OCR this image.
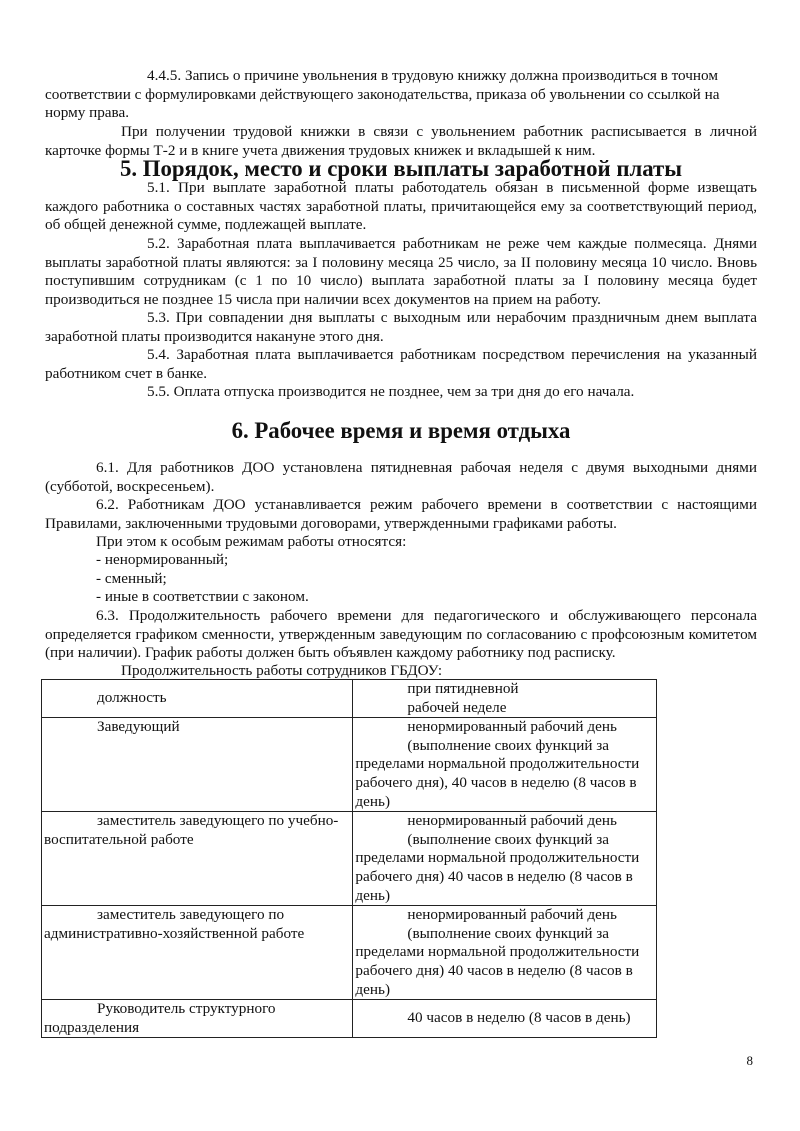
4.4.5. Запись о причине увольнения в трудовую книжку должна производиться в точном соответствии с формулировками действующего законодательства, приказа об увольнении со ссылкой на норму права.

При получении трудовой книжки в связи с увольнением работник расписывается в личной карточке формы Т-2 и в книге учета движения трудовых книжек и вкладышей к ним.

5. Порядок, место и сроки выплаты заработной платы

5.1. При выплате заработной платы работодатель обязан в письменной форме извещать каждого работника о составных частях заработной платы, причитающейся ему за соответствующий период, об общей денежной сумме, подлежащей выплате.

5.2. Заработная плата выплачивается работникам не реже чем каждые полмесяца. Днями выплаты заработной платы являются: за I половину месяца 25 число, за II половину месяца 10 число. Вновь поступившим сотрудникам (с 1 по 10 число) выплата заработной платы за I половину месяца будет производиться не позднее 15 числа при наличии всех документов на прием на работу.

5.3. При совпадении дня выплаты с выходным или нерабочим праздничным днем выплата заработной платы производится накануне этого дня.

5.4. Заработная плата выплачивается работникам посредством перечисления на указанный работником счет в банке.

5.5. Оплата отпуска производится не позднее, чем за три дня до его начала.

6. Рабочее время и время отдыха

6.1. Для работников ДОО установлена пятидневная рабочая неделя с двумя выходными днями (субботой, воскресеньем).

6.2. Работникам ДОО устанавливается режим рабочего времени в соответствии с настоящими Правилами, заключенными трудовыми договорами, утвержденными графиками работы.

При этом к особым режимам работы относятся:

- ненормированный;

- сменный;

- иные в соответствии с законом.

6.3. Продолжительность рабочего времени для педагогического и обслуживающего персонала определяется графиком сменности, утвержденным заведующим по согласованию с профсоюзным комитетом (при наличии). График работы должен быть объявлен каждому работнику под расписку.

Продолжительность работы сотрудников ГБДОУ:

должность	при пятидневной
рабочей неделе

Заведующий	ненормированный рабочий день
(выполнение своих функций за пределами нормальной продолжительности рабочего дня), 40 часов в неделю (8 часов в день)

заместитель заведующего по учебно-воспитательной работе	ненормированный рабочий день
(выполнение своих функций за пределами нормальной продолжительности рабочего дня) 40 часов в неделю (8 часов в день)

заместитель заведующего по административно-хозяйственной работе	ненормированный рабочий день
(выполнение своих функций за пределами нормальной продолжительности рабочего дня) 40 часов в неделю (8 часов в день)

Руководитель структурного подразделения	40 часов в неделю (8 часов в день)
8
